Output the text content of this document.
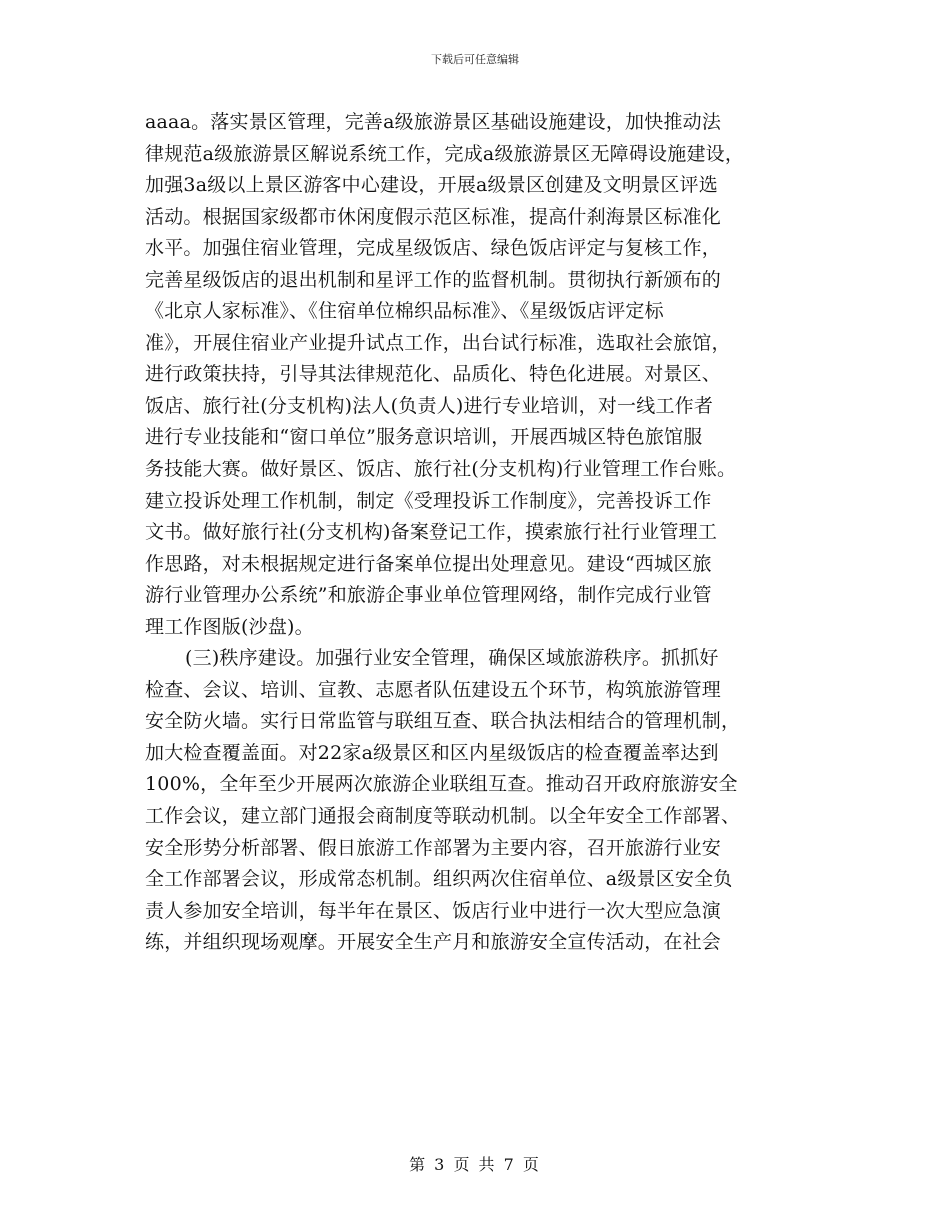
下载后可任意编辑
aaaa。落实景区管理，完善a级旅游景区基础设施建设，加快推动法
律规范a级旅游景区解说系统工作，完成a级旅游景区无障碍设施建设，
加强3a级以上景区游客中心建设，开展a级景区创建及文明景区评选
活动。根据国家级都市休闲度假示范区标准，提高什刹海景区标准化
水平。加强住宿业管理，完成星级饭店、绿色饭店评定与复核工作，
完善星级饭店的退出机制和星评工作的监督机制。贯彻执行新颁布的
《北京人家标准》、《住宿单位棉织品标准》、《星级饭店评定标
准》，开展住宿业产业提升试点工作，出台试行标准，选取社会旅馆，
进行政策扶持，引导其法律规范化、品质化、特色化进展。对景区、
饭店、旅行社(分支机构)法人(负责人)进行专业培训，对一线工作者
进行专业技能和“窗口单位”服务意识培训，开展西城区特色旅馆服
务技能大赛。做好景区、饭店、旅行社(分支机构)行业管理工作台账。
建立投诉处理工作机制，制定《受理投诉工作制度》，完善投诉工作
文书。做好旅行社(分支机构)备案登记工作，摸索旅行社行业管理工
作思路，对未根据规定进行备案单位提出处理意见。建设“西城区旅
游行业管理办公系统”和旅游企事业单位管理网络，制作完成行业管
理工作图版(沙盘)。
(三)秩序建设。加强行业安全管理，确保区域旅游秩序。抓抓好
检查、会议、培训、宣教、志愿者队伍建设五个环节，构筑旅游管理
安全防火墙。实行日常监管与联组互查、联合执法相结合的管理机制，
加大检查覆盖面。对22家a级景区和区内星级饭店的检查覆盖率达到
100%，全年至少开展两次旅游企业联组互查。推动召开政府旅游安全
工作会议，建立部门通报会商制度等联动机制。以全年安全工作部署、
安全形势分析部署、假日旅游工作部署为主要内容，召开旅游行业安
全工作部署会议，形成常态机制。组织两次住宿单位、a级景区安全负
责人参加安全培训，每半年在景区、饭店行业中进行一次大型应急演
练，并组织现场观摩。开展安全生产月和旅游安全宣传活动，在社会
第 3 页 共 7 页
